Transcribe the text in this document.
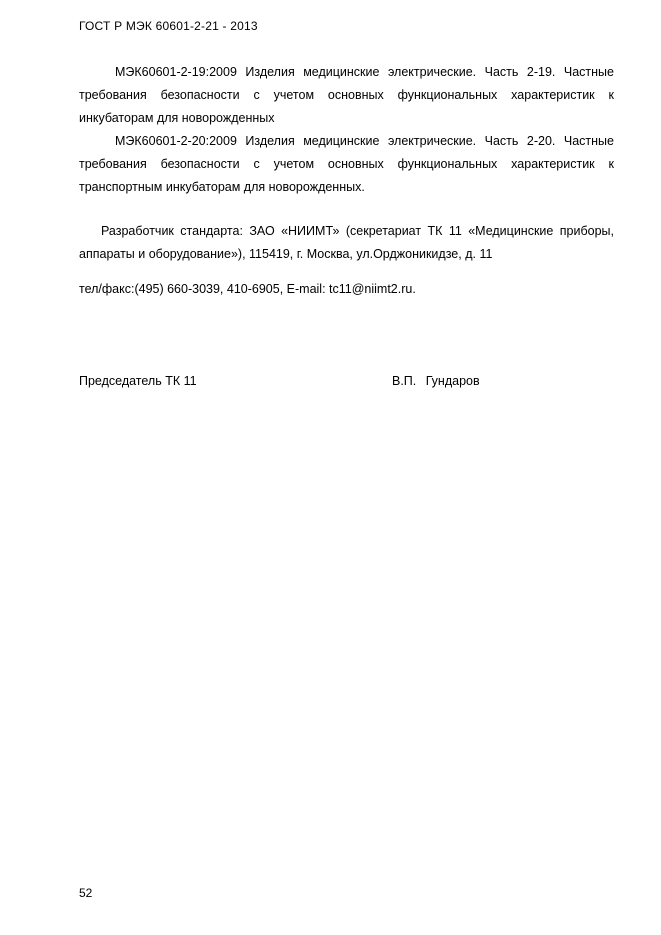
ГОСТ Р МЭК 60601-2-21 - 2013

МЭК60601-2-19:2009 Изделия медицинские электрические. Часть 2-19. Частные требования безопасности с учетом основных функциональных характеристик к инкубаторам для новорожденных

МЭК60601-2-20:2009 Изделия медицинские электрические. Часть 2-20. Частные требования безопасности с учетом основных функциональных характеристик к транспортным инкубаторам для новорожденных.

Разработчик стандарта: ЗАО «НИИМТ» (секретариат ТК 11 «Медицинские приборы, аппараты и оборудование»), 115419, г. Москва, ул.Орджоникидзе, д. 11

тел/факс:(495) 660-3039, 410-6905, E-mail: tc11@niimt2.ru.
Председатель ТК 11	В.П. Гундаров
52
